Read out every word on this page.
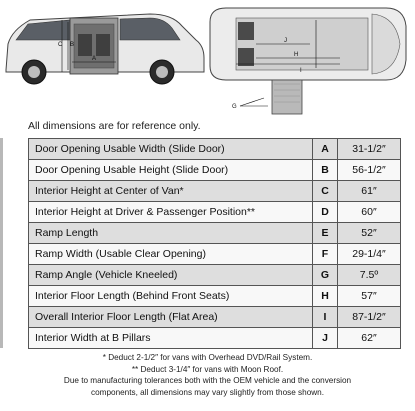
C B
A
J
H
I
G
All dimensions are for reference only.
Door Opening Usable Width (Slide Door)	A	31-1/2″
Door Opening Usable Height (Slide Door)	B	56-1/2″
Interior Height at Center of Van*	C	61″
Interior Height at Driver & Passenger Position**	D	60″
Ramp Length	E	52″
Ramp Width (Usable Clear Opening)	F	29-1/4″
Ramp Angle (Vehicle Kneeled)	G	7.5º
Interior Floor Length (Behind Front Seats)	H	57″
Overall Interior Floor Length (Flat Area)	I	87-1/2″
Interior Width at B Pillars	J	62″
* Deduct 2-1/2″ for vans with Overhead DVD/Rail System.
** Deduct 3-1/4″ for vans with Moon Roof.
Due to manufacturing tolerances both with the OEM vehicle and the conversion
components, all dimensions may vary slightly from those shown.
